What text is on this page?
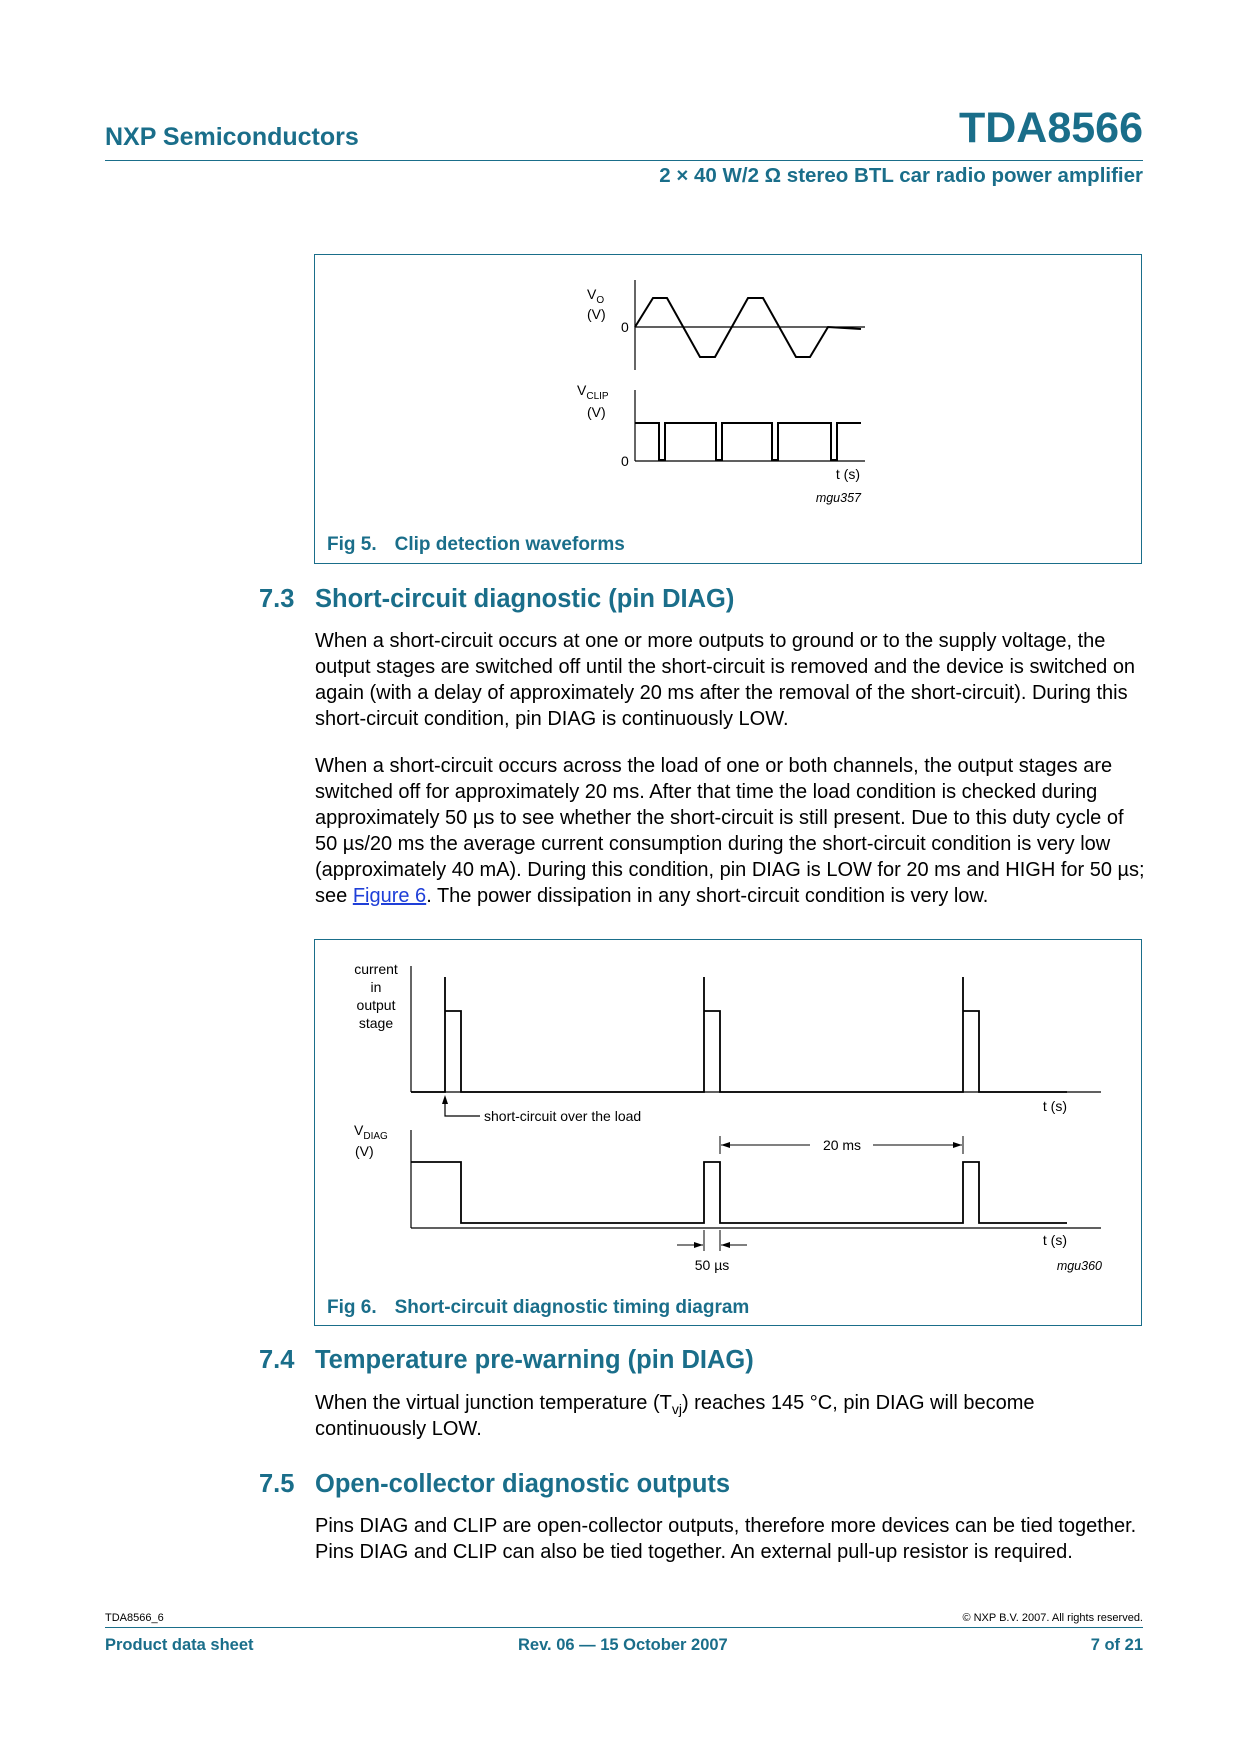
NXP Semiconductors	TDA8566
2 × 40 W/2 Ω stereo BTL car radio power amplifier
$V_O$
(V)
0
$V_{CLIP}$
(V)
0
t (s)
mgu357
Fig 5. Clip detection waveforms
7.3 Short-circuit diagnostic (pin DIAG)
When a short-circuit occurs at one or more outputs to ground or to the supply voltage, the output stages are switched off until the short-circuit is removed and the device is switched on again (with a delay of approximately 20 ms after the removal of the short-circuit). During this short-circuit condition, pin DIAG is continuously LOW.
When a short-circuit occurs across the load of one or both channels, the output stages are switched off for approximately 20 ms. After that time the load condition is checked during approximately 50 µs to see whether the short-circuit is still present. Due to this duty cycle of 50 µs/20 ms the average current consumption during the short-circuit condition is very low (approximately 40 mA). During this condition, pin DIAG is LOW for 20 ms and HIGH for 50 µs; see Figure 6. The power dissipation in any short-circuit condition is very low.
current
in
output
stage
t (s)
short-circuit over the load
$V_{DIAG}$
(V)
t (s)
20 ms
50 µs	mgu360
Fig 6. Short-circuit diagnostic timing diagram
7.4 Temperature pre-warning (pin DIAG)
When the virtual junction temperature $(T_{vj})$ reaches 145 °C, pin DIAG will become continuously LOW.
7.5 Open-collector diagnostic outputs
Pins DIAG and CLIP are open-collector outputs, therefore more devices can be tied together. Pins DIAG and CLIP can also be tied together. An external pull-up resistor is required.
TDA8566_6	© NXP B.V. 2007. All rights reserved.
Product data sheet	Rev. 06 — 15 October 2007	7 of 21
